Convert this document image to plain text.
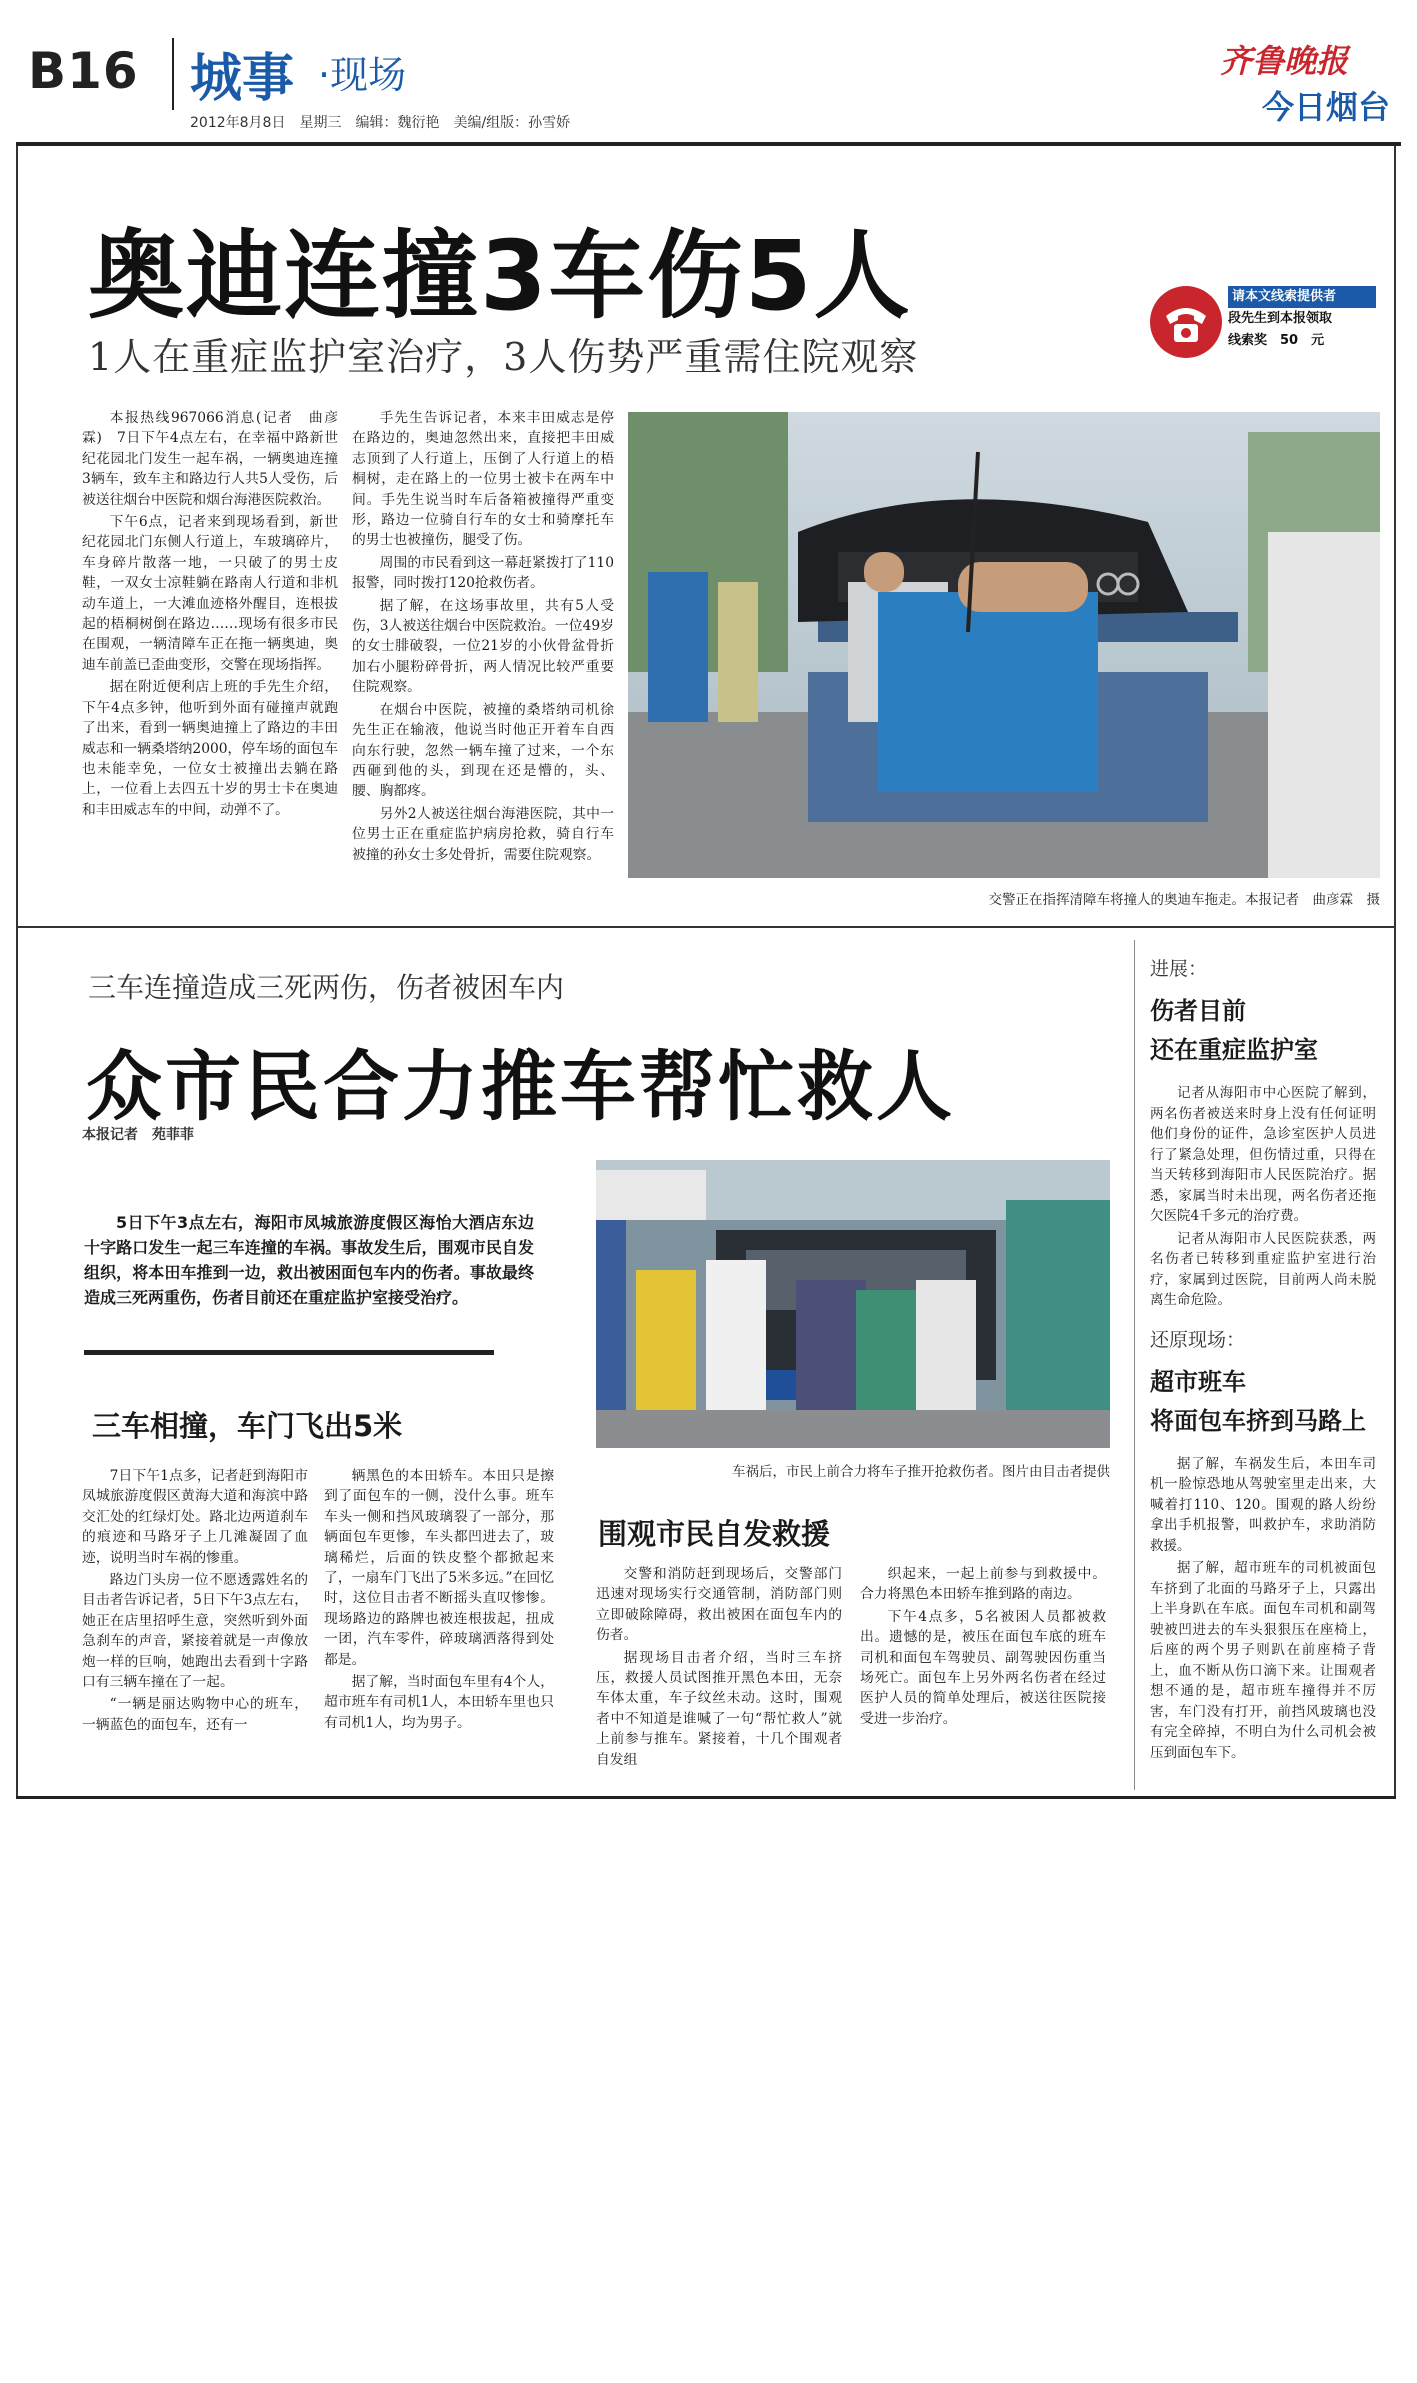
B16 城事 ·现场
2012年8月8日　星期三　编辑：魏衍艳　美编/组版：孙雪娇
齐鲁晚报
今日烟台
奥迪连撞3车伤5人
1人在重症监护室治疗，3人伤势严重需住院观察
请本文线索提供者
段先生到本报领取
线索奖　50　元

本报热线967066消息(记者　曲彦霖)　7日下午4点左右，在幸福中路新世纪花园北门发生一起车祸，一辆奥迪连撞3辆车，致车主和路边行人共5人受伤，后被送往烟台中医院和烟台海港医院救治。

下午6点，记者来到现场看到，新世纪花园北门东侧人行道上，车玻璃碎片，车身碎片散落一地，一只破了的男士皮鞋，一双女士凉鞋躺在路南人行道和非机动车道上，一大滩血迹格外醒目，连根拔起的梧桐树倒在路边……现场有很多市民在围观，一辆清障车正在拖一辆奥迪，奥迪车前盖已歪曲变形，交警在现场指挥。

据在附近便利店上班的手先生介绍，下午4点多钟，他听到外面有碰撞声就跑了出来，看到一辆奥迪撞上了路边的丰田威志和一辆桑塔纳2000，停车场的面包车也未能幸免，一位女士被撞出去躺在路上，一位看上去四五十岁的男士卡在奥迪和丰田威志车的中间，动弹不了。

手先生告诉记者，本来丰田威志是停在路边的，奥迪忽然出来，直接把丰田威志顶到了人行道上，压倒了人行道上的梧桐树，走在路上的一位男士被卡在两车中间。手先生说当时车后备箱被撞得严重变形，路边一位骑自行车的女士和骑摩托车的男士也被撞伤，腿受了伤。

周围的市民看到这一幕赶紧拨打了110报警，同时拨打120抢救伤者。

据了解，在这场事故里，共有5人受伤，3人被送往烟台中医院救治。一位49岁的女士腓破裂，一位21岁的小伙骨盆骨折加右小腿粉碎骨折，两人情况比较严重要住院观察。

在烟台中医院，被撞的桑塔纳司机徐先生正在输液，他说当时他正开着车自西向东行驶，忽然一辆车撞了过来，一个东西砸到他的头，到现在还是懵的，头、腰、胸都疼。

另外2人被送往烟台海港医院，其中一位男士正在重症监护病房抢救，骑自行车被撞的孙女士多处骨折，需要住院观察。

交警正在指挥清障车将撞人的奥迪车拖走。本报记者　曲彦霖　摄
三车连撞造成三死两伤，伤者被困车内
众市民合力推车帮忙救人
本报记者　苑菲菲

5日下午3点左右，海阳市凤城旅游度假区海怡大酒店东边十字路口发生一起三车连撞的车祸。事故发生后，围观市民自发组织，将本田车推到一边，救出被困面包车内的伤者。事故最终造成三死两重伤，伤者目前还在重症监护室接受治疗。

三车相撞，车门飞出5米

7日下午1点多，记者赶到海阳市凤城旅游度假区黄海大道和海滨中路交汇处的红绿灯处。路北边两道刹车的痕迹和马路牙子上几滩凝固了血迹，说明当时车祸的惨重。

路边门头房一位不愿透露姓名的目击者告诉记者，5日下午3点左右，她正在店里招呼生意，突然听到外面急刹车的声音，紧接着就是一声像放炮一样的巨响，她跑出去看到十字路口有三辆车撞在了一起。

“一辆是丽达购物中心的班车，一辆蓝色的面包车，还有一

辆黑色的本田轿车。本田只是擦到了面包车的一侧，没什么事。班车车头一侧和挡风玻璃裂了一部分，那辆面包车更惨，车头都凹进去了，玻璃稀烂，后面的铁皮整个都掀起来了，一扇车门飞出了5米多远。”在回忆时，这位目击者不断摇头直叹惨惨。现场路边的路牌也被连根拔起，扭成一团，汽车零件，碎玻璃洒落得到处都是。

据了解，当时面包车里有4个人，超市班车有司机1人，本田轿车里也只有司机1人，均为男子。

车祸后，市民上前合力将车子推开抢救伤者。图片由目击者提供
围观市民自发救援

交警和消防赶到现场后，交警部门迅速对现场实行交通管制，消防部门则立即破除障碍，救出被困在面包车内的伤者。

据现场目击者介绍，当时三车挤压，救援人员试图推开黑色本田，无奈车体太重，车子纹丝未动。这时，围观者中不知道是谁喊了一句“帮忙救人”就上前参与推车。紧接着，十几个围观者自发组

织起来，一起上前参与到救援中。合力将黑色本田轿车推到路的南边。

下午4点多，5名被困人员都被救出。遗憾的是，被压在面包车底的班车司机和面包车驾驶员、副驾驶因伤重当场死亡。面包车上另外两名伤者在经过医护人员的简单处理后，被送往医院接受进一步治疗。

进展：
伤者目前
还在重症监护室

记者从海阳市中心医院了解到，两名伤者被送来时身上没有任何证明他们身份的证件，急诊室医护人员进行了紧急处理，但伤情过重，只得在当天转移到海阳市人民医院治疗。据悉，家属当时未出现，两名伤者还拖欠医院4千多元的治疗费。

记者从海阳市人民医院获悉，两名伤者已转移到重症监护室进行治疗，家属到过医院，目前两人尚未脱离生命危险。

还原现场：
超市班车
将面包车挤到马路上

据了解，车祸发生后，本田车司机一脸惊恐地从驾驶室里走出来，大喊着打110、120。围观的路人纷纷拿出手机报警，叫救护车，求助消防救援。

据了解，超市班车的司机被面包车挤到了北面的马路牙子上，只露出上半身趴在车底。面包车司机和副驾驶被凹进去的车头狠狠压在座椅上，后座的两个男子则趴在前座椅子背上，血不断从伤口滴下来。让围观者想不通的是，超市班车撞得并不厉害，车门没有打开，前挡风玻璃也没有完全碎掉，不明白为什么司机会被压到面包车下。
